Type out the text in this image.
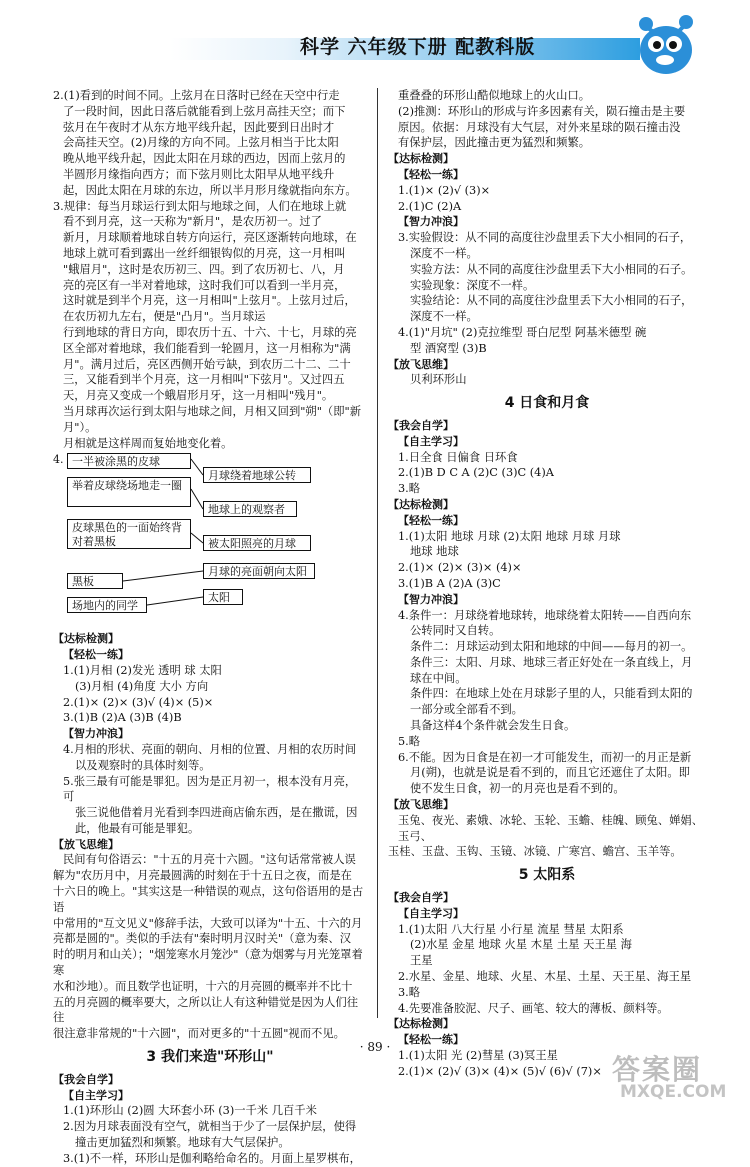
科学 六年级下册 配教科版

2.(1)看到的时间不同。上弦月在日落时已经在天空中行走

了一段时间，因此日落后就能看到上弦月高挂天空；而下

弦月在午夜时才从东方地平线升起，因此要到日出时才

会高挂天空。(2)月缘的方向不同。上弦月相当于比太阳

晚从地平线升起，因此太阳在月球的西边，因而上弦月的

半圆形月缘指向西方；而下弦月则比太阳早从地平线升

起，因此太阳在月球的东边，所以半月形月缘就指向东方。

3.规律：每当月球运行到太阳与地球之间，人们在地球上就

看不到月亮，这一天称为"新月"，是农历初一。过了

新月，月球顺着地球自转方向运行，亮区逐渐转向地球，在

地球上就可看到露出一丝纤细银钩似的月亮，这一月相叫

"蛾眉月"，这时是农历初三、四。到了农历初七、八，月

亮的亮区有一半对着地球，这时我们可以看到一半月亮，

这时就是到半个月亮，这一月相叫"上弦月"。上弦月过后，

在农历初九左右，便是"凸月"。当月球运

行到地球的背日方向，即农历十五、十六、十七，月球的亮

区全部对着地球，我们能看到一轮圆月，这一月相称为"满

月"。满月过后，亮区西侧开始亏缺，到农历二十二、二十

三，又能看到半个月亮，这一月相叫"下弦月"。又过四五

天，月亮又变成一个蛾眉形月牙，这一月相叫"残月"。

当月球再次运行到太阳与地球之间，月相又回到"朔"（即"新月"）。

月相就是这样周而复始地变化着。

4. 一半被涂黑的皮球
举着皮球绕场地走一圈
皮球黑色的一面始终背对着黑板
黑板
场地内的同学
月球绕着地球公转
地球上的观察者
被太阳照亮的月球
月球的亮面朝向太阳
太阳

【达标检测】

【轻松一练】

1.(1)月相 (2)发光 透明 球 太阳

(3)月相 (4)角度 大小 方向

2.(1)× (2)× (3)√ (4)× (5)×

3.(1)B (2)A (3)B (4)B

【智力冲浪】

4.月相的形状、亮面的朝向、月相的位置、月相的农历时间

以及观察时的具体时刻等。

5.张三最有可能是罪犯。因为是正月初一，根本没有月亮，可

张三说他借着月光看到李四进商店偷东西，是在撒谎，因

此，他最有可能是罪犯。

【放飞思维】

民间有句俗语云："十五的月亮十六圆。"这句话常常被人误

解为"农历月中，月亮最圆满的时刻在于十五日之夜，而是在

十六日的晚上。"其实这是一种错误的观点，这句俗语用的是古语

中常用的"互文见义"修辞手法，大致可以译为"十五、十六的月

亮都是圆的"。类似的手法有"秦时明月汉时关"（意为秦、汉

时的明月和山关）；"烟笼寒水月笼沙"（意为烟雾与月光笼罩着寒

水和沙地）。而且数学也证明，十六的月亮圆的概率并不比十

五的月亮圆的概率要大，之所以让人有这种错觉是因为人们往往

很注意非常规的"十六圆"，而对更多的"十五圆"视而不见。

3 我们来造"环形山"

【我会自学】

【自主学习】

1.(1)环形山 (2)圆 大环套小环 (3)一千米 几百千米

2.因为月球表面没有空气，就相当于少了一层保护层，使得

撞击更加猛烈和频繁。地球有大气层保护。

3.(1)不一样，环形山是伽利略给命名的。月面上星罗棋布，

重叠叠的环形山酷似地球上的火山口。

(2)推测：环形山的形成与许多因素有关，陨石撞击是主要

原因。依据：月球没有大气层，对外来星球的陨石撞击没

有保护层，因此撞击更为猛烈和频繁。

【达标检测】

【轻松一练】

1.(1)× (2)√ (3)×

2.(1)C (2)A

【智力冲浪】

3.实验假设：从不同的高度往沙盘里丢下大小相同的石子，

深度不一样。

实验方法：从不同的高度往沙盘里丢下大小相同的石子。

实验现象：深度不一样。

实验结论：从不同的高度往沙盘里丢下大小相同的石子，

深度不一样。

4.(1)"月坑" (2)克拉维型 哥白尼型 阿基米德型 碗

型 酒窝型 (3)B

【放飞思维】

贝利环形山

4 日食和月食

【我会自学】

【自主学习】

1.日全食 日偏食 日环食

2.(1)B D C A (2)C (3)C (4)A

3.略

【达标检测】

【轻松一练】

1.(1)太阳 地球 月球 (2)太阳 地球 月球 月球

地球 地球

2.(1)× (2)× (3)× (4)×

3.(1)B A (2)A (3)C

【智力冲浪】

4.条件一：月球绕着地球转，地球绕着太阳转——自西向东

公转同时又自转。

条件二：月球运动到太阳和地球的中间——每月的初一。

条件三：太阳、月球、地球三者正好处在一条直线上，月

球在中间。

条件四：在地球上处在月球影子里的人，只能看到太阳的

一部分或全部看不到。

具备这样4个条件就会发生日食。

5.略

6.不能。因为日食是在初一才可能发生，而初一的月正是新

月(朔)，也就是说是看不到的，而且它还遮住了太阳。即

使不发生日食，初一的月亮也是看不到的。

【放飞思维】

玉兔、夜光、素娥、冰轮、玉轮、玉蟾、桂魄、顾兔、婵娟、玉弓、

玉桂、玉盘、玉钩、玉镜、冰镜、广寒宫、蟾宫、玉羊等。

5 太阳系

【我会自学】

【自主学习】

1.(1)太阳 八大行星 小行星 流星 彗星 太阳系

(2)水星 金星 地球 火星 木星 土星 天王星 海

王星

2.水星、金星、地球、火星、木星、土星、天王星、海王星

3.略

4.先要准备胶泥、尺子、画笔、较大的薄板、颜料等。

【达标检测】

【轻松一练】

1.(1)太阳 光 (2)彗星 (3)冥王星

2.(1)× (2)√ (3)× (4)× (5)√ (6)√ (7)×

· 89 ·
答案圈
MXQE.COM
